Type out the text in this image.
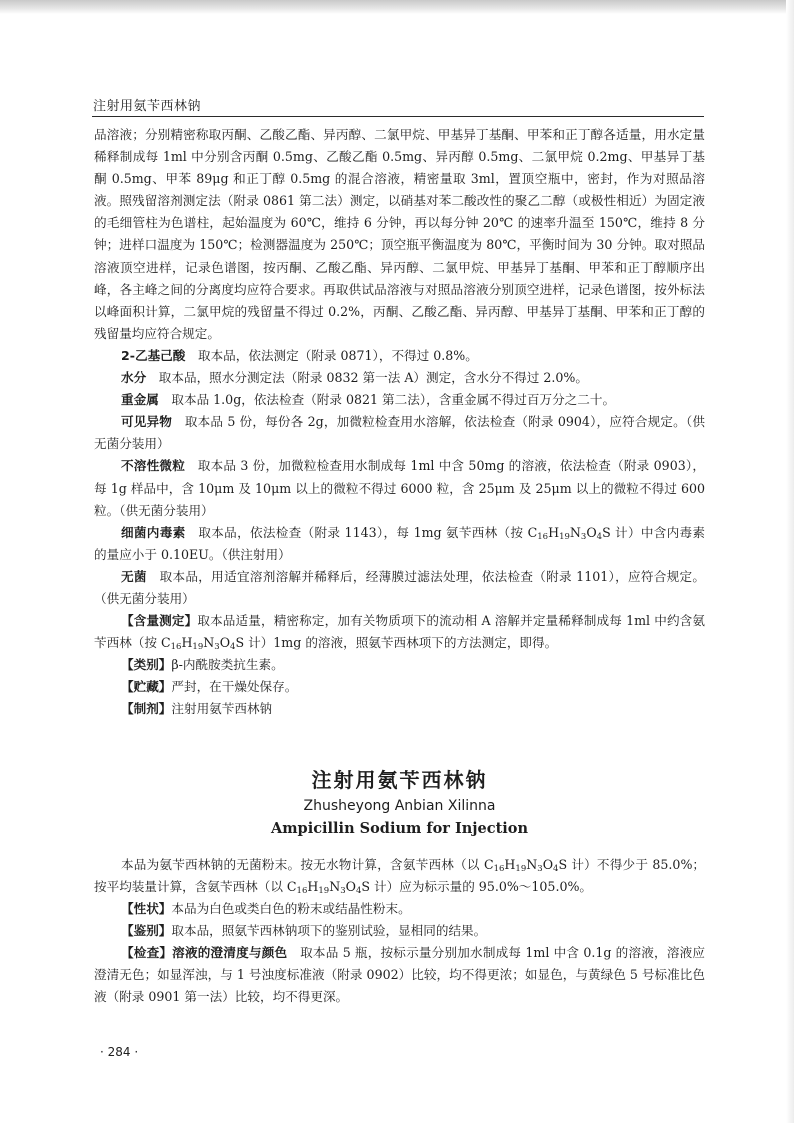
注射用氨苄西林钠

品溶液；分别精密称取丙酮、乙酸乙酯、异丙醇、二氯甲烷、甲基异丁基酮、甲苯和正丁醇各适量，用水定量稀释制成每 1ml 中分别含丙酮 0.5mg、乙酸乙酯 0.5mg、异丙醇 0.5mg、二氯甲烷 0.2mg、甲基异丁基酮 0.5mg、甲苯 89μg 和正丁醇 0.5mg 的混合溶液，精密量取 3ml，置顶空瓶中，密封，作为对照品溶液。照残留溶剂测定法（附录 0861 第二法）测定，以硝基对苯二酸改性的聚乙二醇（或极性相近）为固定液的毛细管柱为色谱柱，起始温度为 60℃，维持 6 分钟，再以每分钟 20℃ 的速率升温至 150℃，维持 8 分钟；进样口温度为 150℃；检测器温度为 250℃；顶空瓶平衡温度为 80℃，平衡时间为 30 分钟。取对照品溶液顶空进样，记录色谱图，按丙酮、乙酸乙酯、异丙醇、二氯甲烷、甲基异丁基酮、甲苯和正丁醇顺序出峰，各主峰之间的分离度均应符合要求。再取供试品溶液与对照品溶液分别顶空进样，记录色谱图，按外标法以峰面积计算，二氯甲烷的残留量不得过 0.2%，丙酮、乙酸乙酯、异丙醇、甲基异丁基酮、甲苯和正丁醇的残留量均应符合规定。

2-乙基己酸　 取本品，依法测定（附录 0871），不得过 0.8%。

水分　 取本品，照水分测定法（附录 0832 第一法 A）测定，含水分不得过 2.0%。

重金属　 取本品 1.0g，依法检查（附录 0821 第二法），含重金属不得过百万分之二十。

可见异物　 取本品 5 份，每份各 2g，加微粒检查用水溶解，依法检查（附录 0904），应符合规定。（供无菌分装用）

不溶性微粒　 取本品 3 份，加微粒检查用水制成每 1ml 中含 50mg 的溶液，依法检查（附录 0903），每 1g 样品中，含 10μm 及 10μm 以上的微粒不得过 6000 粒，含 25μm 及 25μm 以上的微粒不得过 600 粒。（供无菌分装用）

细菌内毒素　 取本品，依法检查（附录 1143），每 1mg 氨苄西林（按 $C_{16}H_{19}N_3O_4S$ 计）中含内毒素的量应小于 0.10EU。（供注射用）

无菌　 取本品，用适宜溶剂溶解并稀释后，经薄膜过滤法处理，依法检查（附录 1101），应符合规定。（供无菌分装用）

【含量测定】取本品适量，精密称定，加有关物质项下的流动相 A 溶解并定量稀释制成每 1ml 中约含氨苄西林（按 $C_{16}H_{19}N_3O_4S$ 计）1mg 的溶液，照氨苄西林项下的方法测定，即得。

【类别】β-内酰胺类抗生素。

【贮藏】严封，在干燥处保存。

【制剂】注射用氨苄西林钠

注射用氨苄西林钠
Zhusheyong Anbian Xilinna
Ampicillin Sodium for Injection

本品为氨苄西林钠的无菌粉末。按无水物计算，含氨苄西林（以 $C_{16}H_{19}N_3O_4S$ 计）不得少于 85.0%；按平均装量计算，含氨苄西林（以 $C_{16}H_{19}N_3O_4S$ 计）应为标示量的 95.0%～105.0%。

【性状】本品为白色或类白色的粉末或结晶性粉末。

【鉴别】取本品，照氨苄西林钠项下的鉴别试验，显相同的结果。

【检查】溶液的澄清度与颜色　 取本品 5 瓶，按标示量分别加水制成每 1ml 中含 0.1g 的溶液，溶液应澄清无色；如显浑浊，与 1 号浊度标准液（附录 0902）比较，均不得更浓；如显色，与黄绿色 5 号标准比色液（附录 0901 第一法）比较，均不得更深。

· 284 ·
